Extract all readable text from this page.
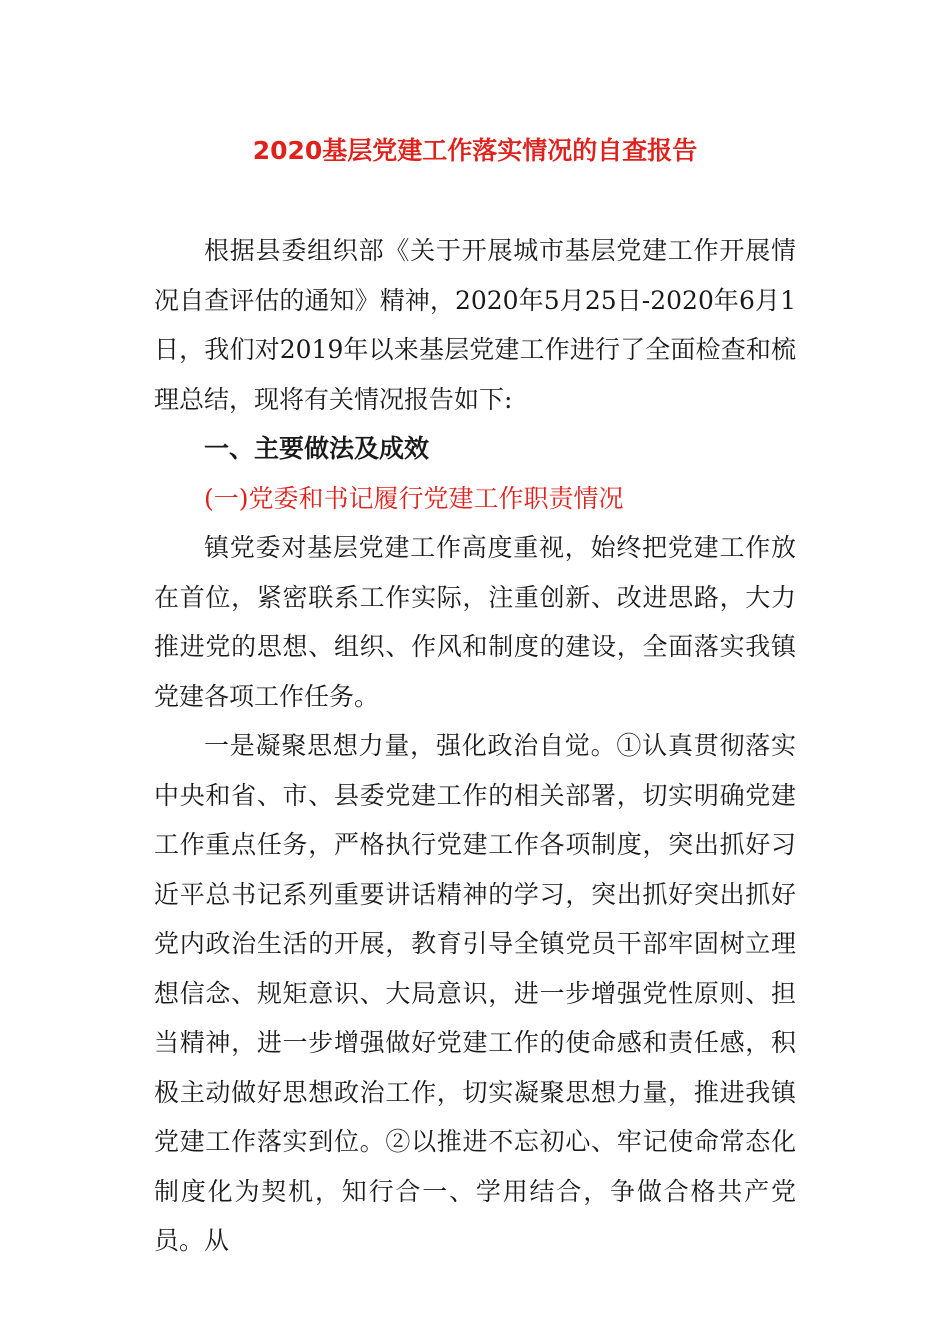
2020基层党建工作落实情况的自查报告

根据县委组织部《关于开展城市基层党建工作开展情况自查评估的通知》精神，2020年5月25日-2020年6月1日，我们对2019年以来基层党建工作进行了全面检查和梳理总结，现将有关情况报告如下:

一、主要做法及成效

(一)党委和书记履行党建工作职责情况

镇党委对基层党建工作高度重视，始终把党建工作放在首位，紧密联系工作实际，注重创新、改进思路，大力推进党的思想、组织、作风和制度的建设，全面落实我镇党建各项工作任务。

一是凝聚思想力量，强化政治自觉。①认真贯彻落实中央和省、市、县委党建工作的相关部署，切实明确党建工作重点任务，严格执行党建工作各项制度，突出抓好习近平总书记系列重要讲话精神的学习，突出抓好突出抓好党内政治生活的开展，教育引导全镇党员干部牢固树立理想信念、规矩意识、大局意识，进一步增强党性原则、担当精神，进一步增强做好党建工作的使命感和责任感，积极主动做好思想政治工作，切实凝聚思想力量，推进我镇党建工作落实到位。②以推进不忘初心、牢记使命常态化制度化为契机，知行合一、学用结合，争做合格共产党员。从
